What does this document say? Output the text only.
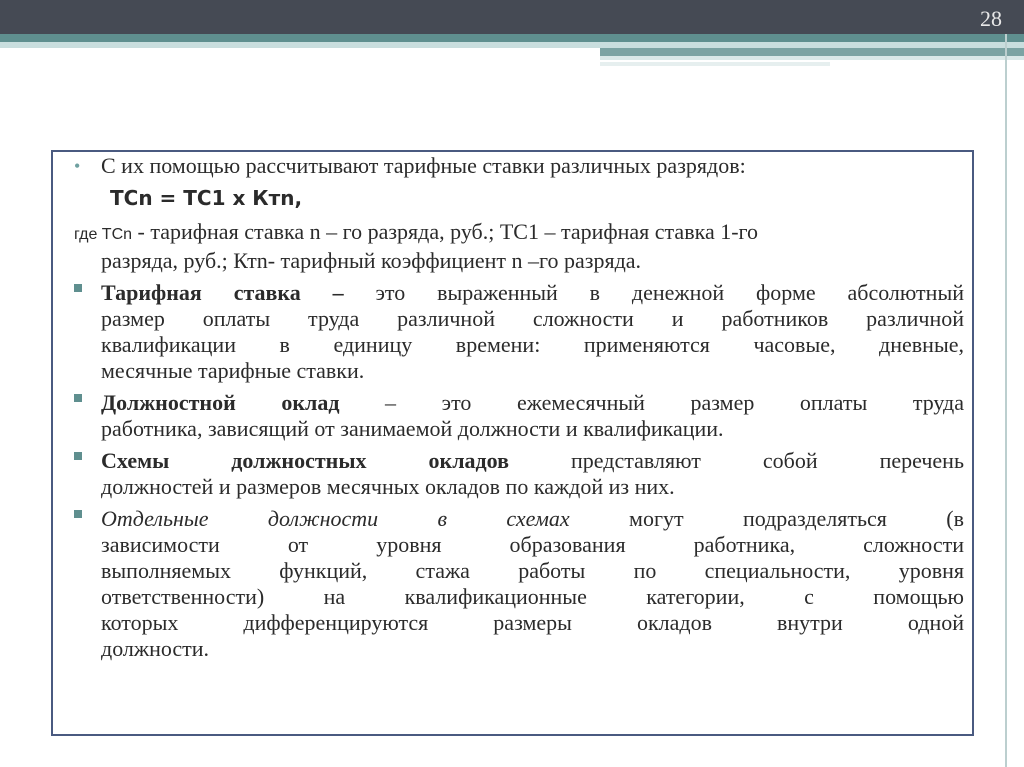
28

• С их помощью рассчитывают тарифные ставки различных разрядов:

ТСn = ТС1 х Ктn,

где ТСn - тарифная ставка n – го разряда, руб.; ТС1 – тарифная ставка 1-го

разряда, руб.; Ктn- тарифный коэффициент n –го разряда.

Тарифная ставка – это выраженный в денежной форме абсолютный
размер оплаты труда различной сложности и работников различной
квалификации в единицу времени: применяются часовые, дневные,
месячные тарифные ставки.
Должностной оклад – это ежемесячный размер оплаты труда
работника, зависящий от занимаемой должности и квалификации.
Схемы должностных окладов представляют собой перечень
должностей и размеров месячных окладов по каждой из них.
Отдельные должности в схемах могут подразделяться (в
зависимости от уровня образования работника, сложности
выполняемых функций, стажа работы по специальности, уровня
ответственности) на квалификационные категории, с помощью
которых дифференцируются размеры окладов внутри одной
должности.
